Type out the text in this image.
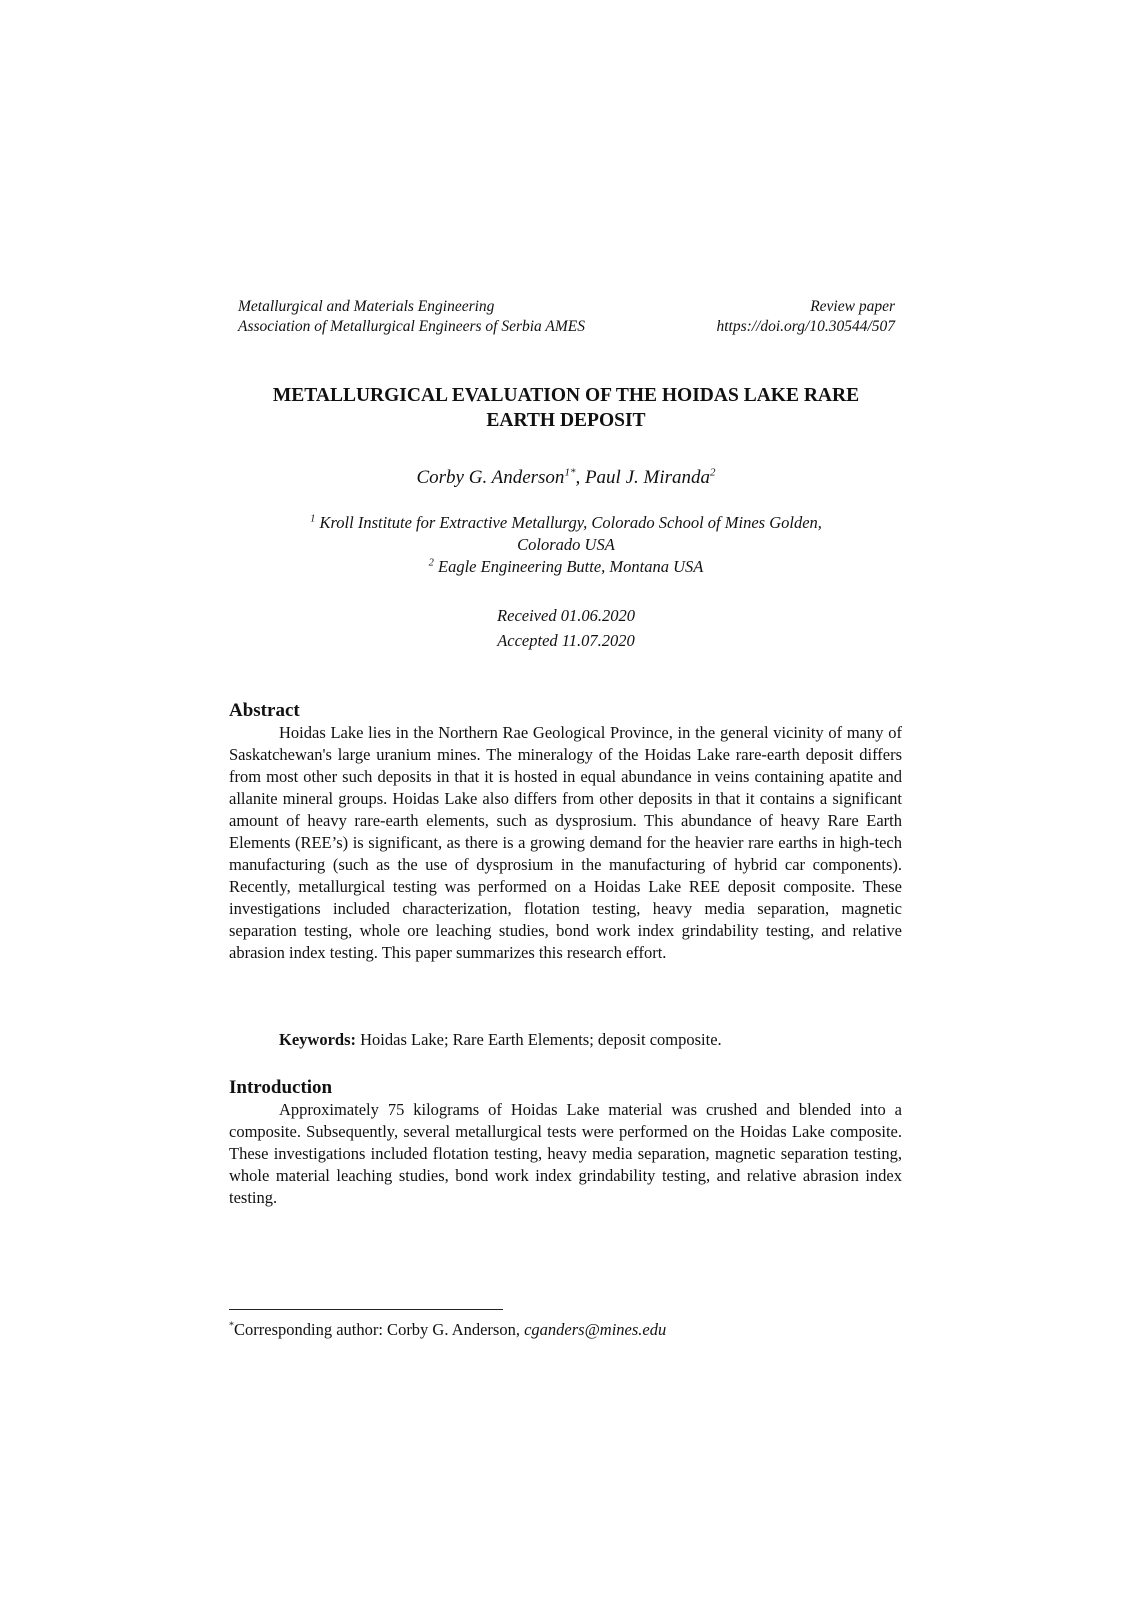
Metallurgical and Materials Engineering
Association of Metallurgical Engineers of Serbia AMES
Review paper
https://doi.org/10.30544/507
METALLURGICAL EVALUATION OF THE HOIDAS LAKE RARE
EARTH DEPOSIT
Corby G. Anderson$^{1*}$, Paul J. Miranda$^2$
$^1$ Kroll Institute for Extractive Metallurgy, Colorado School of Mines Golden,
Colorado USA
$^2$ Eagle Engineering Butte, Montana USA
Received 01.06.2020
Accepted 11.07.2020
Abstract
Hoidas Lake lies in the Northern Rae Geological Province, in the general vicinity of many of Saskatchewan's large uranium mines. The mineralogy of the Hoidas Lake rare-earth deposit differs from most other such deposits in that it is hosted in equal abundance in veins containing apatite and allanite mineral groups. Hoidas Lake also differs from other deposits in that it contains a significant amount of heavy rare-earth elements, such as dysprosium. This abundance of heavy Rare Earth Elements (REE’s) is significant, as there is a growing demand for the heavier rare earths in high-tech manufacturing (such as the use of dysprosium in the manufacturing of hybrid car components). Recently, metallurgical testing was performed on a Hoidas Lake REE deposit composite. These investigations included characterization, flotation testing, heavy media separation, magnetic separation testing, whole ore leaching studies, bond work index grindability testing, and relative abrasion index testing. This paper summarizes this research effort.
Keywords: Hoidas Lake; Rare Earth Elements; deposit composite.
Introduction
Approximately 75 kilograms of Hoidas Lake material was crushed and blended into a composite. Subsequently, several metallurgical tests were performed on the Hoidas Lake composite. These investigations included flotation testing, heavy media separation, magnetic separation testing, whole material leaching studies, bond work index grindability testing, and relative abrasion index testing.
*Corresponding author: Corby G. Anderson, cganders@mines.edu
